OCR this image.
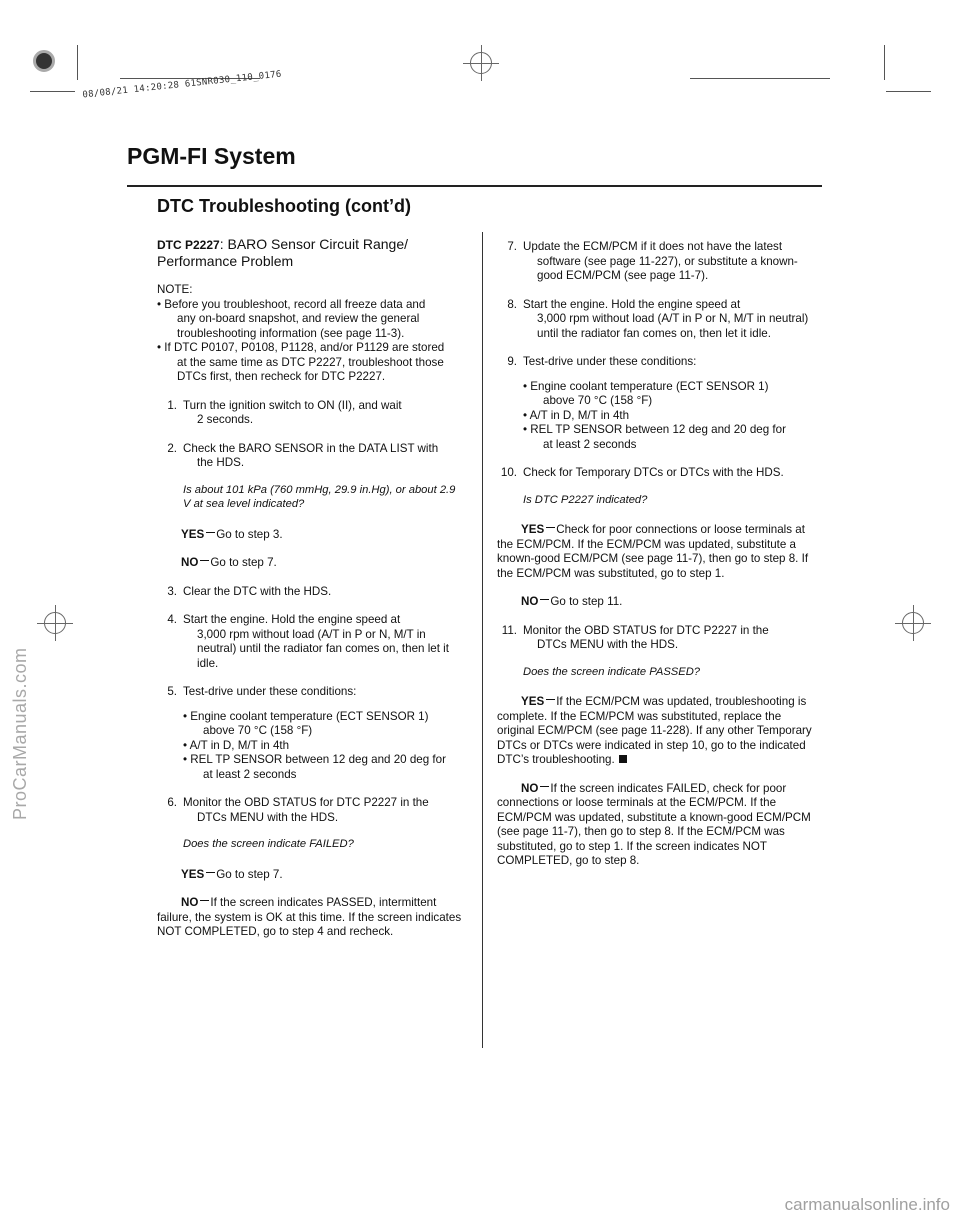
08/08/21 14:20:28 61SNR030_110_0176
ProCarManuals.com
carmanualsonline.info
PGM-FI System
DTC Troubleshooting (cont’d)
DTC P2227: BARO Sensor Circuit Range/
Performance Problem
NOTE:
• Before you troubleshoot, record all freeze data and
any on-board snapshot, and review the general troubleshooting information (see page 11-3).
• If DTC P0107, P0108, P1128, and/or P1129 are stored
at the same time as DTC P2227, troubleshoot those DTCs first, then recheck for DTC P2227.
1. Turn the ignition switch to ON (II), and wait
2 seconds.
2. Check the BARO SENSOR in the DATA LIST with
the HDS.
Is about 101 kPa (760 mmHg, 29.9 in.Hg), or about 2.9 V at sea level indicated?
YES Go to step 3.
NO Go to step 7.
3. Clear the DTC with the HDS.
4. Start the engine. Hold the engine speed at
3,000 rpm without load (A/T in P or N, M/T in neutral) until the radiator fan comes on, then let it idle.
5. Test-drive under these conditions:
• Engine coolant temperature (ECT SENSOR 1)
above 70 °C (158 °F)
• A/T in D, M/T in 4th
• REL TP SENSOR between 12 deg and 20 deg for
at least 2 seconds
6. Monitor the OBD STATUS for DTC P2227 in the
DTCs MENU with the HDS.
Does the screen indicate FAILED?
YES Go to step 7.
NO If the screen indicates PASSED, intermittent failure, the system is OK at this time. If the screen indicates NOT COMPLETED, go to step 4 and recheck.
7. Update the ECM/PCM if it does not have the latest
software (see page 11-227), or substitute a known-good ECM/PCM (see page 11-7).
8. Start the engine. Hold the engine speed at
3,000 rpm without load (A/T in P or N, M/T in neutral) until the radiator fan comes on, then let it idle.
9. Test-drive under these conditions:
• Engine coolant temperature (ECT SENSOR 1)
above 70 °C (158 °F)
• A/T in D, M/T in 4th
• REL TP SENSOR between 12 deg and 20 deg for
at least 2 seconds
10. Check for Temporary DTCs or DTCs with the HDS.
Is DTC P2227 indicated?
YES Check for poor connections or loose terminals at the ECM/PCM. If the ECM/PCM was updated, substitute a known-good ECM/PCM (see page 11-7), then go to step 8. If the ECM/PCM was substituted, go to step 1.
NO Go to step 11.
11. Monitor the OBD STATUS for DTC P2227 in the
DTCs MENU with the HDS.
Does the screen indicate PASSED?
YES If the ECM/PCM was updated, troubleshooting is complete. If the ECM/PCM was substituted, replace the original ECM/PCM (see page 11-228). If any other Temporary DTCs or DTCs were indicated in step 10, go to the indicated DTC’s troubleshooting.
NO If the screen indicates FAILED, check for poor connections or loose terminals at the ECM/PCM. If the ECM/PCM was updated, substitute a known-good ECM/PCM (see page 11-7), then go to step 8. If the ECM/PCM was substituted, go to step 1. If the screen indicates NOT COMPLETED, go to step 8.
